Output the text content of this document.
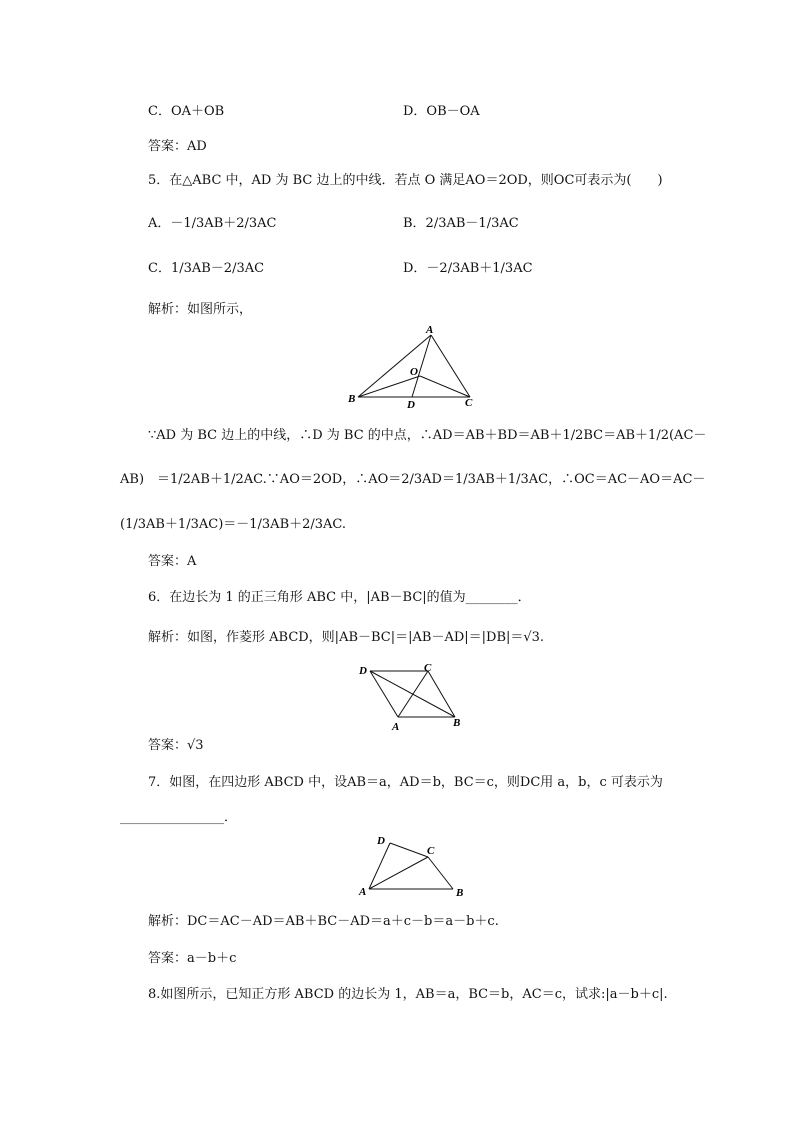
C．OA＋OB	D．OB－OA
答案：AD
5．在△ABC 中，AD 为 BC 边上的中线．若点 O 满足AO＝2OD，则OC可表示为(　　)
A．－1/3AB＋2/3AC	B．2/3AB－1/3AC
C．1/3AB－2/3AC	D．－2/3AB＋1/3AC
解析：如图所示，
A
B	C
D
O
∵AD 为 BC 边上的中线，∴D 为 BC 的中点，∴AD＝AB＋BD＝AB＋1/2BC＝AB＋1/2(AC－
AB)　＝1/2AB＋1/2AC.∵AO＝2OD，∴AO＝2/3AD＝1/3AB＋1/3AC，∴OC＝AC－AO＝AC－
(1/3AB＋1/3AC)＝－1/3AB＋2/3AC.
答案：A
6．在边长为 1 的正三角形 ABC 中，|AB－BC|的值为________．
解析：如图，作菱形 ABCD，则|AB－BC|＝|AB－AD|＝|DB|＝√3.
D	C
A	B
答案：√3
7．如图，在四边形 ABCD 中，设AB＝a，AD＝b，BC＝c，则DC用 a，b，c 可表示为
________________．
D
C
A	B
解析：DC＝AC－AD＝AB＋BC－AD＝a＋c－b＝a－b＋c.
答案：a－b＋c
8.如图所示，已知正方形 ABCD 的边长为 1，AB＝a，BC＝b，AC＝c，试求:|a－b＋c|.
